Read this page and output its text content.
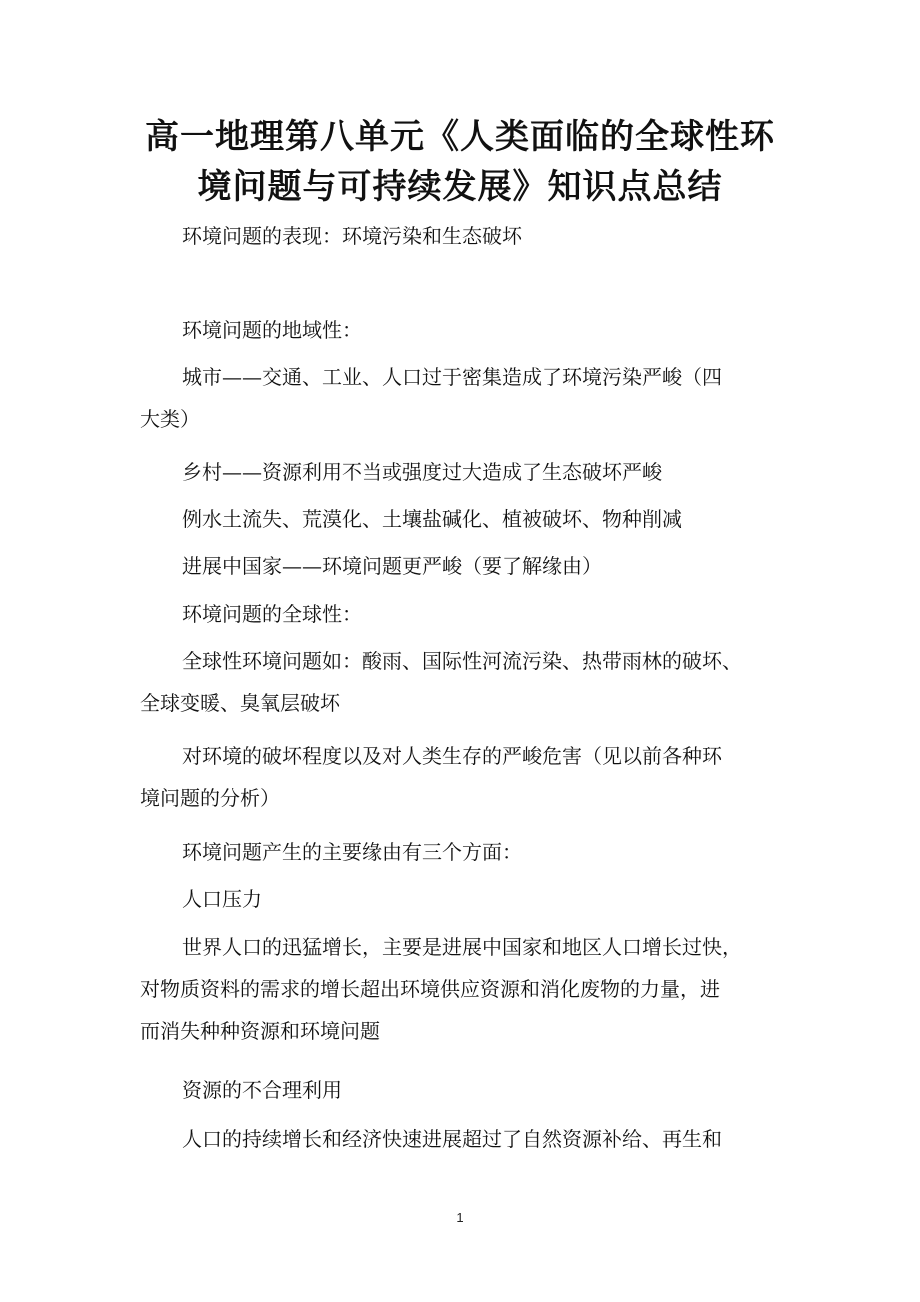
高一地理第八单元《人类面临的全球性环
境问题与可持续发展》知识点总结

环境问题的表现：环境污染和生态破坏

环境问题的地域性：

城市——交通、工业、人口过于密集造成了环境污染严峻（四
大类）

乡村——资源利用不当或强度过大造成了生态破坏严峻

例水土流失、荒漠化、土壤盐碱化、植被破坏、物种削减

进展中国家——环境问题更严峻（要了解缘由）

环境问题的全球性：

全球性环境问题如：酸雨、国际性河流污染、热带雨林的破坏、
全球变暖、臭氧层破坏

对环境的破坏程度以及对人类生存的严峻危害（见以前各种环
境问题的分析）

环境问题产生的主要缘由有三个方面：

人口压力

世界人口的迅猛增长，主要是进展中国家和地区人口增长过快，
对物质资料的需求的增长超出环境供应资源和消化废物的力量，进
而消失种种资源和环境问题

资源的不合理利用

人口的持续增长和经济快速进展超过了自然资源补给、再生和

1
